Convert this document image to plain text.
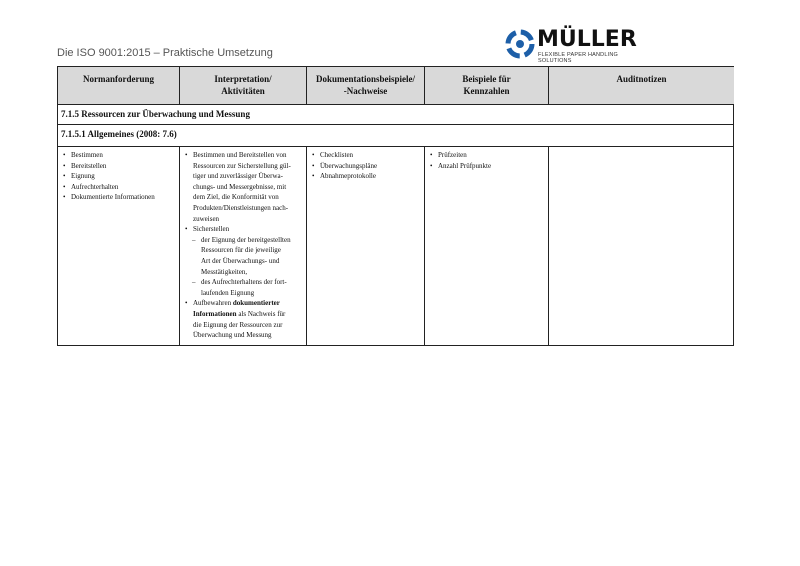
Die ISO 9001:2015 – Praktische Umsetzung
MÜLLER
FLEXIBLE PAPER HANDLING SOLUTIONS
Normanforderung	Interpretation/
Aktivitäten
Dokumentationsbeispiele/
-Nachweise
Beispiele für
Kennzahlen
Auditnotizen
7.1.5 Ressourcen zur Überwachung und Messung
7.1.5.1 Allgemeines (2008: 7.6)
• Bestimmen
• Bereitstellen
• Eignung
• Aufrechterhalten
• Dokumentierte Informationen
• Bestimmen und Bereitstellen von
Ressourcen zur Sicherstellung gül-
tiger und zuverlässiger Überwa-
chungs- und Messergebnisse, mit
dem Ziel, die Konformität von
Produkten/Dienstleistungen nach-
zuweisen
• Sicherstellen
– der Eignung der bereitgestellten
Ressourcen für die jeweilige
Art der Überwachungs- und
Messtätigkeiten,
– des Aufrechterhaltens der fort-
laufenden Eignung
• Aufbewahren dokumentierter
Informationen als Nachweis für
die Eignung der Ressourcen zur
Überwachung und Messung
• Checklisten
• Überwachungspläne
• Abnahmeprotokolle
• Prüfzeiten
• Anzahl Prüfpunkte
